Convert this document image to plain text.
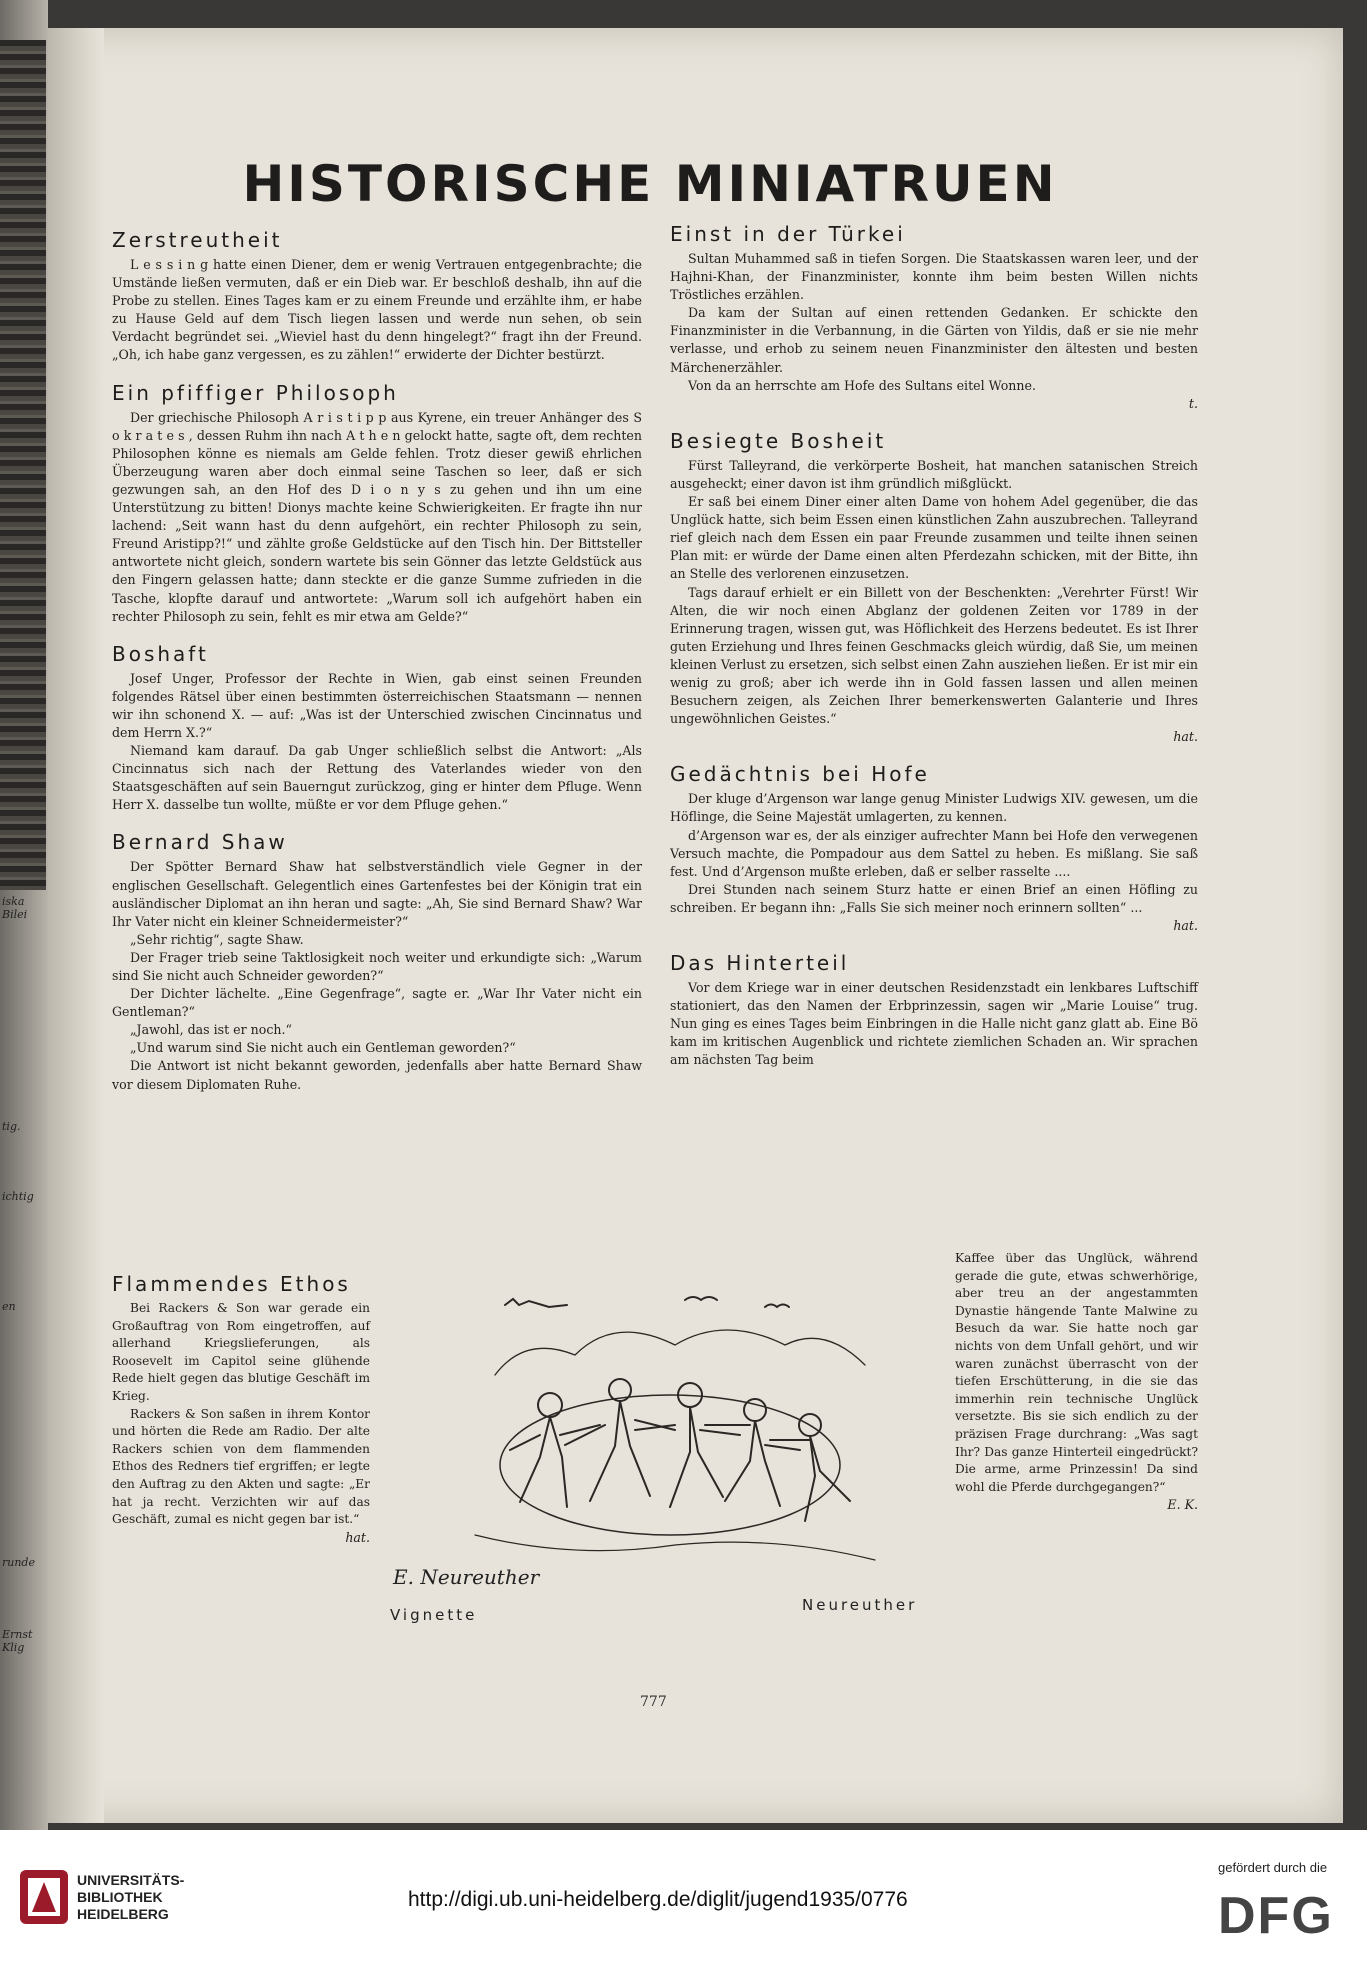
iska Bilei
tig.
ichtig
en
runde
Ernst Klig
HISTORISCHE MINIATRUEN
Zerstreutheit

L e s s i n g hatte einen Diener, dem er wenig Vertrauen entgegenbrachte; die Umstände ließen vermuten, daß er ein Dieb war. Er beschloß deshalb, ihn auf die Probe zu stellen. Eines Tages kam er zu einem Freunde und erzählte ihm, er habe zu Hause Geld auf dem Tisch liegen lassen und werde nun sehen, ob sein Verdacht begründet sei. „Wieviel hast du denn hingelegt?“ fragt ihn der Freund. „Oh, ich habe ganz vergessen, es zu zählen!“ erwiderte der Dichter bestürzt.

Ein pfiffiger Philosoph

Der griechische Philosoph A r i s t i p p aus Kyrene, ein treuer Anhänger des S o k r a t e s , dessen Ruhm ihn nach A t h e n gelockt hatte, sagte oft, dem rechten Philosophen könne es niemals am Gelde fehlen. Trotz dieser gewiß ehrlichen Überzeugung waren aber doch einmal seine Taschen so leer, daß er sich gezwungen sah, an den Hof des D i o n y s zu gehen und ihn um eine Unterstützung zu bitten! Dionys machte keine Schwierigkeiten. Er fragte ihn nur lachend: „Seit wann hast du denn aufgehört, ein rechter Philosoph zu sein, Freund Aristipp?!“ und zählte große Geldstücke auf den Tisch hin. Der Bittsteller antwortete nicht gleich, sondern wartete bis sein Gönner das letzte Geldstück aus den Fingern gelassen hatte; dann steckte er die ganze Summe zufrieden in die Tasche, klopfte darauf und antwortete: „Warum soll ich aufgehört haben ein rechter Philosoph zu sein, fehlt es mir etwa am Gelde?“

Boshaft

Josef Unger, Professor der Rechte in Wien, gab einst seinen Freunden folgendes Rätsel über einen bestimmten österreichischen Staatsmann — nennen wir ihn schonend X. — auf: „Was ist der Unterschied zwischen Cincinnatus und dem Herrn X.?“

Niemand kam darauf. Da gab Unger schließlich selbst die Antwort: „Als Cincinnatus sich nach der Rettung des Vaterlandes wieder von den Staatsgeschäften auf sein Bauerngut zurückzog, ging er hinter dem Pfluge. Wenn Herr X. dasselbe tun wollte, müßte er vor dem Pfluge gehen.“

Bernard Shaw

Der Spötter Bernard Shaw hat selbstverständlich viele Gegner in der englischen Gesellschaft. Gelegentlich eines Gartenfestes bei der Königin trat ein ausländischer Diplomat an ihn heran und sagte: „Ah, Sie sind Bernard Shaw? War Ihr Vater nicht ein kleiner Schneidermeister?“

„Sehr richtig“, sagte Shaw.

Der Frager trieb seine Taktlosigkeit noch weiter und erkundigte sich: „Warum sind Sie nicht auch Schneider geworden?“

Der Dichter lächelte. „Eine Gegenfrage“, sagte er. „War Ihr Vater nicht ein Gentleman?“

„Jawohl, das ist er noch.“

„Und warum sind Sie nicht auch ein Gentleman geworden?“

Die Antwort ist nicht bekannt geworden, jedenfalls aber hatte Bernard Shaw vor diesem Diplomaten Ruhe.

Flammendes Ethos

Bei Rackers & Son war gerade ein Großauftrag von Rom eingetroffen, auf allerhand Kriegslieferungen, als Roosevelt im Capitol seine glühende Rede hielt gegen das blutige Geschäft im Krieg.

Rackers & Son saßen in ihrem Kontor und hörten die Rede am Radio. Der alte Rackers schien von dem flammenden Ethos des Redners tief ergriffen; er legte den Auftrag zu den Akten und sagte: „Er hat ja recht. Verzichten wir auf das Geschäft, zumal es nicht gegen bar ist.“

hat.

Einst in der Türkei

Sultan Muhammed saß in tiefen Sorgen. Die Staatskassen waren leer, und der Hajhni-Khan, der Finanzminister, konnte ihm beim besten Willen nichts Tröstliches erzählen.

Da kam der Sultan auf einen rettenden Gedanken. Er schickte den Finanzminister in die Verbannung, in die Gärten von Yildis, daß er sie nie mehr verlasse, und erhob zu seinem neuen Finanzminister den ältesten und besten Märchenerzähler.

Von da an herrschte am Hofe des Sultans eitel Wonne.

t.

Besiegte Bosheit

Fürst Talleyrand, die verkörperte Bosheit, hat manchen satanischen Streich ausgeheckt; einer davon ist ihm gründlich mißglückt.

Er saß bei einem Diner einer alten Dame von hohem Adel gegenüber, die das Unglück hatte, sich beim Essen einen künstlichen Zahn auszubrechen. Talleyrand rief gleich nach dem Essen ein paar Freunde zusammen und teilte ihnen seinen Plan mit: er würde der Dame einen alten Pferdezahn schicken, mit der Bitte, ihn an Stelle des verlorenen einzusetzen.

Tags darauf erhielt er ein Billett von der Beschenkten: „Verehrter Fürst! Wir Alten, die wir noch einen Abglanz der goldenen Zeiten vor 1789 in der Erinnerung tragen, wissen gut, was Höflichkeit des Herzens bedeutet. Es ist Ihrer guten Erziehung und Ihres feinen Geschmacks gleich würdig, daß Sie, um meinen kleinen Verlust zu ersetzen, sich selbst einen Zahn ausziehen ließen. Er ist mir ein wenig zu groß; aber ich werde ihn in Gold fassen lassen und allen meinen Besuchern zeigen, als Zeichen Ihrer bemerkenswerten Galanterie und Ihres ungewöhnlichen Geistes.“

hat.

Gedächtnis bei Hofe

Der kluge d’Argenson war lange genug Minister Ludwigs XIV. gewesen, um die Höflinge, die Seine Majestät umlagerten, zu kennen.

d’Argenson war es, der als einziger aufrechter Mann bei Hofe den verwegenen Versuch machte, die Pompadour aus dem Sattel zu heben. Es mißlang. Sie saß fest. Und d’Argenson mußte erleben, daß er selber rasselte ....

Drei Stunden nach seinem Sturz hatte er einen Brief an einen Höfling zu schreiben. Er begann ihn: „Falls Sie sich meiner noch erinnern sollten“ ...

hat.

Das Hinterteil

Vor dem Kriege war in einer deutschen Residenzstadt ein lenkbares Luftschiff stationiert, das den Namen der Erbprinzessin, sagen wir „Marie Louise“ trug. Nun ging es eines Tages beim Einbringen in die Halle nicht ganz glatt ab. Eine Bö kam im kritischen Augenblick und richtete ziemlichen Schaden an. Wir sprachen am nächsten Tag beim

Kaffee über das Unglück, während gerade die gute, etwas schwerhörige, aber treu an der angestammten Dynastie hängende Tante Malwine zu Besuch da war. Sie hatte noch gar nichts von dem Unfall gehört, und wir waren zunächst überrascht von der tiefen Erschütterung, in die sie das immerhin rein technische Unglück versetzte. Bis sie sich endlich zu der präzisen Frage durchrang: „Was sagt Ihr? Das ganze Hinterteil eingedrückt? Die arme, arme Prinzessin! Da sind wohl die Pferde durchgegangen?“

E. K.

E. Neureuther
Vignette
Neureuther
777
UNIVERSITÄTS-
BIBLIOTHEK
HEIDELBERG
http://digi.ub.uni-heidelberg.de/diglit/jugend1935/0776
gefördert durch die
DFG
